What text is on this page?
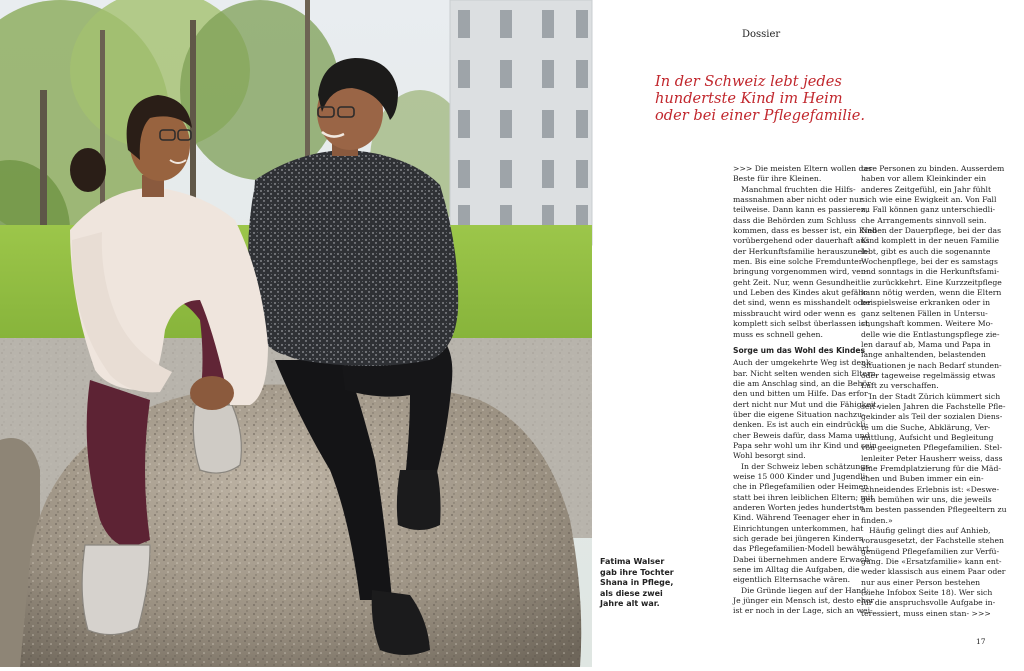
Fatima Walser
gab ihre Tochter
Shana in Pflege,
als diese zwei
Jahre alt war.
Dossier
In der Schweiz lebt jedes
hundertste Kind im Heim
oder bei einer Pflegefamilie.
>>> Die meisten Eltern wollen das
Beste für ihre Kleinen.
Manchmal fruchten die Hilfs-
massnahmen aber nicht oder nur
teilweise. Dann kann es passieren,
dass die Behörden zum Schluss
kommen, dass es besser ist, ein Kind
vorübergehend oder dauerhaft aus
der Herkunftsfamilie herauszuneh-
men. Bis eine solche Fremdunter-
bringung vorgenommen wird, ver-
geht Zeit. Nur, wenn Gesundheit
und Leben des Kindes akut gefähr-
det sind, wenn es misshandelt oder
missbraucht wird oder wenn es
komplett sich selbst überlassen ist,
muss es schnell gehen.
Sorge um das Wohl des Kindes
Auch der umgekehrte Weg ist denk-
bar. Nicht selten wenden sich Eltern,
die am Anschlag sind, an die Behör-
den und bitten um Hilfe. Das erfor-
dert nicht nur Mut und die Fähigkeit,
über die eigene Situation nachzu-
denken. Es ist auch ein eindrückli-
cher Beweis dafür, dass Mama und
Papa sehr wohl um ihr Kind und sein
Wohl besorgt sind.
In der Schweiz leben schätzungs-
weise 15 000 Kinder und Jugendli-
che in Pflegefamilien oder Heimen
statt bei ihren leiblichen Eltern; mit
anderen Worten jedes hundertste
Kind. Während Teenager eher in
Einrichtungen unterkommen, hat
sich gerade bei jüngeren Kindern
das Pflegefamilien-Modell bewährt.
Dabei übernehmen andere Erwach-
sene im Alltag die Aufgaben, die
eigentlich Elternsache wären.
Die Gründe liegen auf der Hand:
Je jünger ein Mensch ist, desto eher
ist er noch in der Lage, sich an wei-
tere Personen zu binden. Ausserdem
haben vor allem Kleinkinder ein
anderes Zeitgefühl, ein Jahr fühlt
sich wie eine Ewigkeit an. Von Fall
zu Fall können ganz unterschiedli-
che Arrangements sinnvoll sein.
Neben der Dauerpflege, bei der das
Kind komplett in der neuen Familie
lebt, gibt es auch die sogenannte
Wochenpflege, bei der es samstags
und sonntags in die Herkunftsfami-
lie zurückkehrt. Eine Kurzzeitpflege
kann nötig werden, wenn die Eltern
beispielsweise erkranken oder in
ganz seltenen Fällen in Untersu-
chungshaft kommen. Weitere Mo-
delle wie die Entlastungspflege zie-
len darauf ab, Mama und Papa in
lange anhaltenden, belastenden
Situationen je nach Bedarf stunden-
oder tageweise regelmässig etwas
Luft zu verschaffen.
In der Stadt Zürich kümmert sich
seit vielen Jahren die Fachstelle Pfle-
gekinder als Teil der sozialen Diens-
te um die Suche, Abklärung, Ver-
mittlung, Aufsicht und Begleitung
von geeigneten Pflegefamilien. Stel-
lenleiter Peter Hausherr weiss, dass
eine Fremdplatzierung für die Mäd-
chen und Buben immer ein ein-
schneidendes Erlebnis ist: «Deswe-
gen bemühen wir uns, die jeweils
am besten passenden Pflegeeltern zu
finden.»
Häufig gelingt dies auf Anhieb,
vorausgesetzt, der Fachstelle stehen
genügend Pflegefamilien zur Verfü-
gung. Die «Ersatzfamilie» kann ent-
weder klassisch aus einem Paar oder
nur aus einer Person bestehen
(siehe Infobox Seite 18). Wer sich
für die anspruchsvolle Aufgabe in-
teressiert, muss einen stan- >>>
17
